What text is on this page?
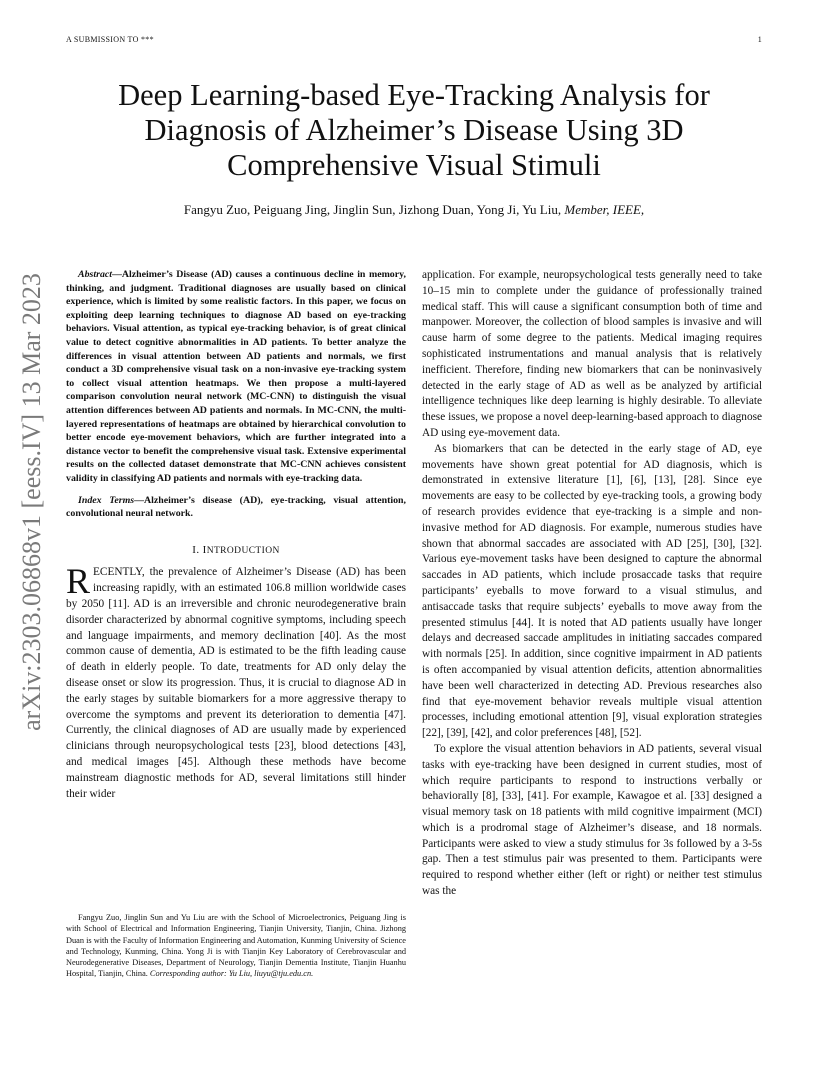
A SUBMISSION TO ***	1
arXiv:2303.06868v1 [eess.IV] 13 Mar 2023
Deep Learning-based Eye-Tracking Analysis for
Diagnosis of Alzheimer’s Disease Using 3D
Comprehensive Visual Stimuli
Fangyu Zuo, Peiguang Jing, Jinglin Sun, Jizhong Duan, Yong Ji, Yu Liu, Member, IEEE,

Abstract—Alzheimer’s Disease (AD) causes a continuous decline in memory, thinking, and judgment. Traditional diagnoses are usually based on clinical experience, which is limited by some realistic factors. In this paper, we focus on exploiting deep learning techniques to diagnose AD based on eye-tracking behaviors. Visual attention, as typical eye-tracking behavior, is of great clinical value to detect cognitive abnormalities in AD patients. To better analyze the differences in visual attention between AD patients and normals, we first conduct a 3D comprehensive visual task on a non-invasive eye-tracking system to collect visual attention heatmaps. We then propose a multi-layered comparison convolution neural network (MC-CNN) to distinguish the visual attention differences between AD patients and normals. In MC-CNN, the multi-layered representations of heatmaps are obtained by hierarchical convolution to better encode eye-movement behaviors, which are further integrated into a distance vector to benefit the comprehensive visual task. Extensive experimental results on the collected dataset demonstrate that MC-CNN achieves consistent validity in classifying AD patients and normals with eye-tracking data.

Index Terms—Alzheimer’s disease (AD), eye-tracking, visual attention, convolutional neural network.

I. INTRODUCTION

RECENTLY, the prevalence of Alzheimer’s Disease (AD) has been increasing rapidly, with an estimated 106.8 million worldwide cases by 2050 [11]. AD is an irreversible and chronic neurodegenerative brain disorder characterized by abnormal cognitive symptoms, including speech and language impairments, and memory declination [40]. As the most common cause of dementia, AD is estimated to be the fifth leading cause of death in elderly people. To date, treatments for AD only delay the disease onset or slow its progression. Thus, it is crucial to diagnose AD in the early stages by suitable biomarkers for a more aggressive therapy to overcome the symptoms and prevent its deterioration to dementia [47]. Currently, the clinical diagnoses of AD are usually made by experienced clinicians through neuropsychological tests [23], blood detections [43], and medical images [45]. Although these methods have become mainstream diagnostic methods for AD, several limitations still hinder their wider

Fangyu Zuo, Jinglin Sun and Yu Liu are with the School of Microelectronics, Peiguang Jing is with School of Electrical and Information Engineering, Tianjin University, Tianjin, China. Jizhong Duan is with the Faculty of Information Engineering and Automation, Kunming University of Science and Technology, Kunming, China. Yong Ji is with Tianjin Key Laboratory of Cerebrovascular and Neurodegenerative Diseases, Department of Neurology, Tianjin Dementia Institute, Tianjin Huanhu Hospital, Tianjin, China. Corresponding author: Yu Liu, liuyu@tju.edu.cn.

application. For example, neuropsychological tests generally need to take 10–15 min to complete under the guidance of professionally trained medical staff. This will cause a significant consumption both of time and manpower. Moreover, the collection of blood samples is invasive and will cause harm of some degree to the patients. Medical imaging requires sophisticated instrumentations and manual analysis that is relatively inefficient. Therefore, finding new biomarkers that can be noninvasively detected in the early stage of AD as well as be analyzed by artificial intelligence techniques like deep learning is highly desirable. To alleviate these issues, we propose a novel deep-learning-based approach to diagnose AD using eye-movement data.

As biomarkers that can be detected in the early stage of AD, eye movements have shown great potential for AD diagnosis, which is demonstrated in extensive literature [1], [6], [13], [28]. Since eye movements are easy to be collected by eye-tracking tools, a growing body of research provides evidence that eye-tracking is a simple and non-invasive method for AD diagnosis. For example, numerous studies have shown that abnormal saccades are associated with AD [25], [30], [32]. Various eye-movement tasks have been designed to capture the abnormal saccades in AD patients, which include prosaccade tasks that require participants’ eyeballs to move forward to a visual stimulus, and antisaccade tasks that require subjects’ eyeballs to move away from the presented stimulus [44]. It is noted that AD patients usually have longer delays and decreased saccade amplitudes in initiating saccades compared with normals [25]. In addition, since cognitive impairment in AD patients is often accompanied by visual attention deficits, attention abnormalities have been well characterized in detecting AD. Previous researches also find that eye-movement behavior reveals multiple visual attention processes, including emotional attention [9], visual exploration strategies [22], [39], [42], and color preferences [48], [52].

To explore the visual attention behaviors in AD patients, several visual tasks with eye-tracking have been designed in current studies, most of which require participants to respond to instructions verbally or behaviorally [8], [33], [41]. For example, Kawagoe et al. [33] designed a visual memory task on 18 patients with mild cognitive impairment (MCI) which is a prodromal stage of Alzheimer’s disease, and 18 normals. Participants were asked to view a study stimulus for 3s followed by a 3-5s gap. Then a test stimulus pair was presented to them. Participants were required to respond whether either (left or right) or neither test stimulus was the
